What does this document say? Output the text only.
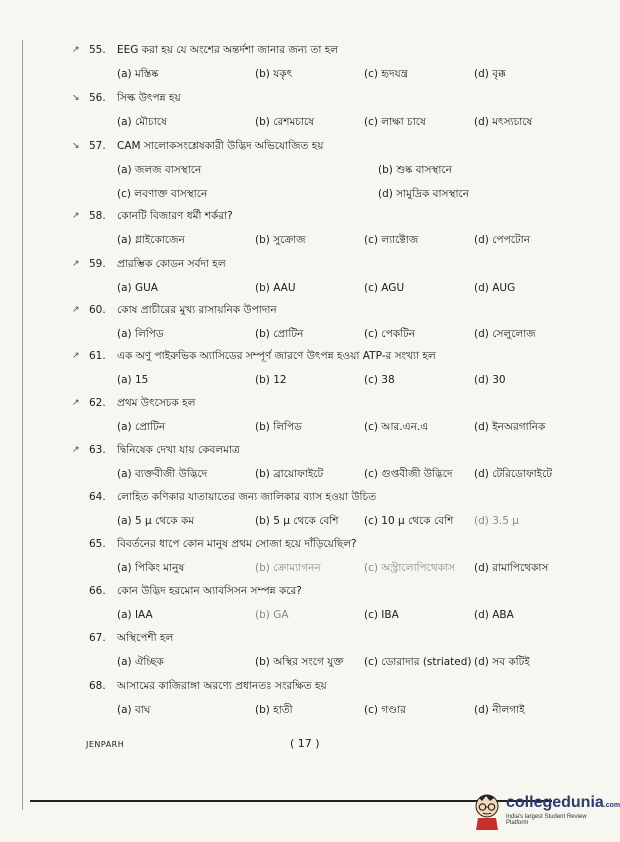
↗ 55.	EEG করা হয় যে অংশের অন্তর্দশা জানার জন্য তা হল
(a) মস্তিষ্ক	(b) যকৃৎ	(c) হৃদযন্ত্র	(d) বৃক্ক
↘ 56.	সিল্ক উৎপন্ন হয়
(a) মৌচাষে	(b) রেশমচাষে	(c) লাক্ষা চাষে	(d) মৎস্যচাষে
↘ 57.	CAM সালোকসংশ্লেষকারী উদ্ভিদ অভিযোজিত হয়
(a) জলজ বাসস্থানে	(b) শুষ্ক বাসস্থানে
(c) লবণাক্ত বাসস্থানে	(d) সামুদ্রিক বাসস্থানে
↗ 58.	কোনটি বিজারণ ধর্মী শর্করা?
(a) গ্লাইকোজেন	(b) সুক্রোজ	(c) ল্যাক্টোজ	(d) পেপটোন
↗ 59.	প্রারম্ভিক কোডন সর্বদা হল
(a) GUA	(b) AAU	(c) AGU	(d) AUG
↗ 60.	কোষ প্রাচীরের মুখ্য রাসায়নিক উপাদান
(a) লিপিড	(b) প্রোটিন	(c) পেকটিন	(d) সেলুলোজ
↗ 61.	এক অণু পাইরুভিক অ্যাসিডের সম্পূর্ণ জারণে উৎপন্ন হওয়া ATP-র সংখ্যা হল
(a) 15	(b) 12	(c) 38	(d) 30
↗ 62.	প্রথম উৎসেচক হল
(a) প্রোটিন	(b) লিপিড	(c) আর.এন.এ	(d) ইনঅরগানিক
↗ 63.	দ্বিনিষেক দেখা যায় কেবলমাত্র
(a) ব্যক্তবীজী উদ্ভিদে	(b) ব্রায়োফাইটে	(c) গুপ্তবীজী উদ্ভিদে (d) টেরিডোফাইটে
64.	লোহিত কণিকার যাতায়াতের জন্য জালিকার ব্যাস হওয়া উচিত
(a) 5 μ থেকে কম	(b) 5 μ থেকে বেশি (c) 10 μ থেকে বেশি (d) 3.5 μ
65.	বিবর্তনের ধাপে কোন মানুষ প্রথম সোজা হয়ে দাঁড়িয়েছিল?
(a) পিকিং মানুষ	(b) ক্রোম্যাগনন	(c) অস্ট্রালোপিথেকাস (d) রামাপিথেকাস
66.	কোন উদ্ভিদ হরমোন অ্যাবসিসন সম্পন্ন করে?
(a) IAA	(b) GA	(c) IBA	(d) ABA
67.	অস্থিপেশী হল
(a) ঐচ্ছিক	(b) অস্থির সংগে যুক্ত (c) ডোরাদার (striated) (d) সব কটিই
68.	আসামের কাজিরাঙ্গা অরণ্যে প্রধানতঃ সংরক্ষিত হয়
(a) বাঘ	(b) হাতী	(c) গণ্ডার	(d) নীলগাই
JENPARH	( 17 )
collegedunia.com
India's largest Student Review Platform
